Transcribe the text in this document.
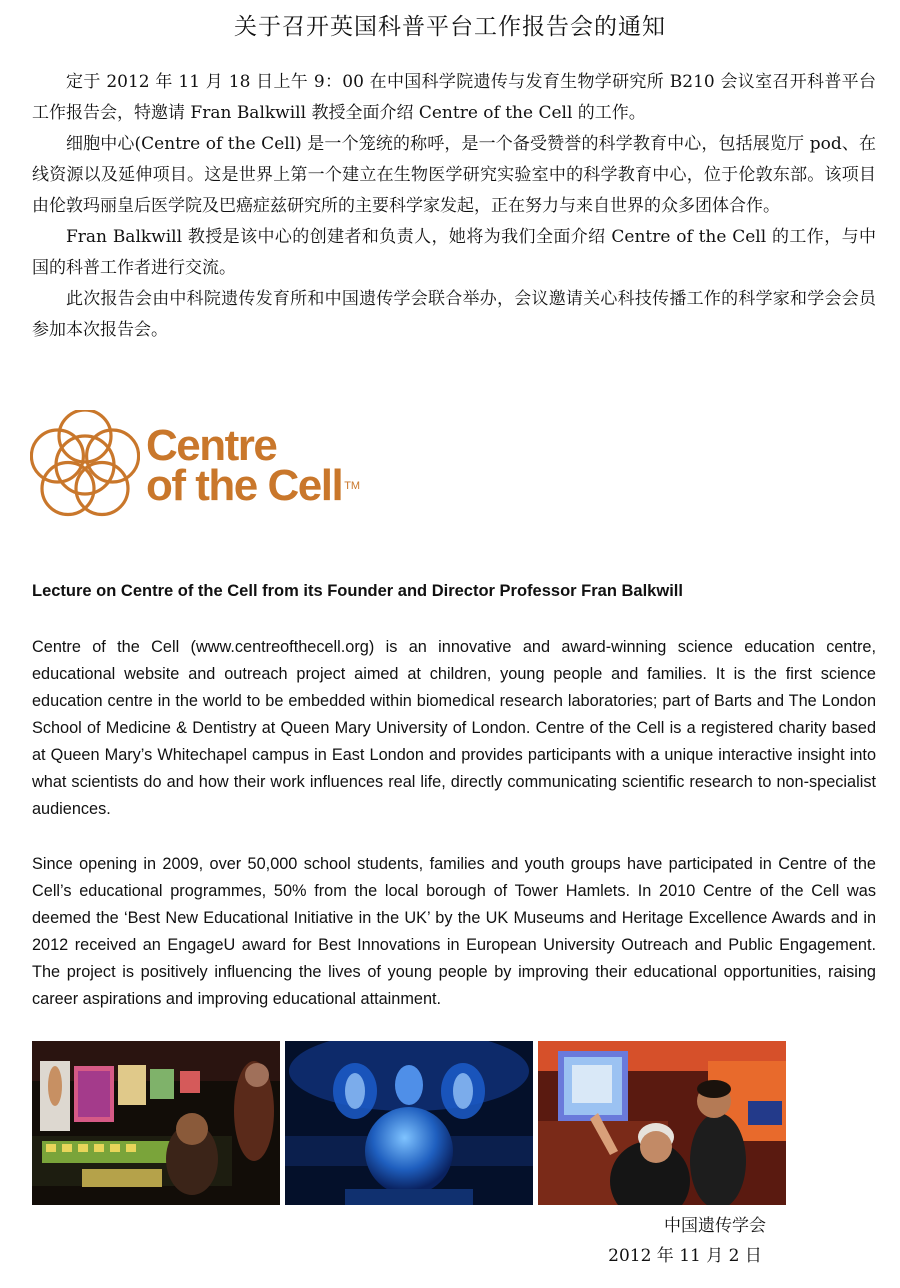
关于召开英国科普平台工作报告会的通知

定于 2012 年 11 月 18 日上午 9：00 在中国科学院遗传与发育生物学研究所 B210 会议室召开科普平台工作报告会，特邀请 Fran Balkwill 教授全面介绍 Centre of the Cell 的工作。

细胞中心(Centre of the Cell) 是一个笼统的称呼，是一个备受赞誉的科学教育中心，包括展览厅 pod、在线资源以及延伸项目。这是世界上第一个建立在生物医学研究实验室中的科学教育中心，位于伦敦东部。该项目由伦敦玛丽皇后医学院及巴癌症兹研究所的主要科学家发起，正在努力与来自世界的众多团体合作。

Fran Balkwill 教授是该中心的创建者和负责人，她将为我们全面介绍 Centre of the Cell 的工作，与中国的科普工作者进行交流。

此次报告会由中科院遗传发育所和中国遗传学会联合举办，会议邀请关心科技传播工作的科学家和学会会员参加本次报告会。

Centre
of the Cell ™
Lecture on Centre of the Cell from its Founder and Director Professor Fran Balkwill

Centre of the Cell (www.centreofthecell.org) is an innovative and award-winning science education centre, educational website and outreach project aimed at children, young people and families. It is the first science education centre in the world to be embedded within biomedical research laboratories; part of Barts and The London School of Medicine & Dentistry at Queen Mary University of London. Centre of the Cell is a registered charity based at Queen Mary’s Whitechapel campus in East London and provides participants with a unique interactive insight into what scientists do and how their work influences real life, directly communicating scientific research to non-specialist audiences.

Since opening in 2009, over 50,000 school students, families and youth groups have participated in Centre of the Cell’s educational programmes, 50% from the local borough of Tower Hamlets. In 2010 Centre of the Cell was deemed the ‘Best New Educational Initiative in the UK’ by the UK Museums and Heritage Excellence Awards and in 2012 received an EngageU award for Best Innovations in European University Outreach and Public Engagement. The project is positively influencing the lives of young people by improving their educational opportunities, raising career aspirations and improving educational attainment.

中国遗传学会
2012 年 11 月 2 日
